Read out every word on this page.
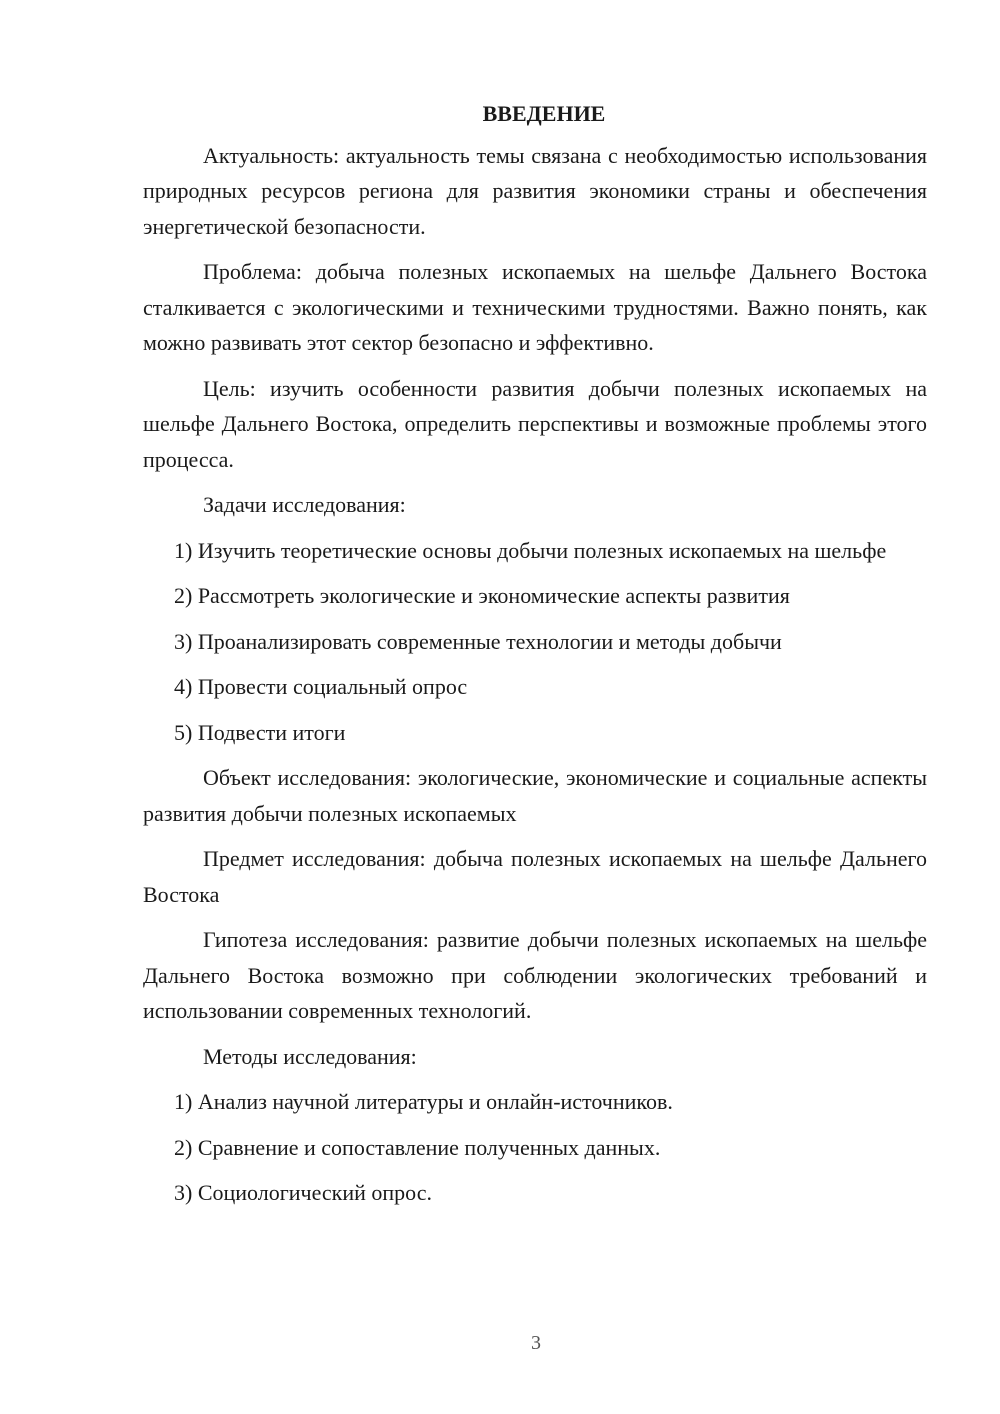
ВВЕДЕНИЕ

Актуальность: актуальность темы связана с необходимостью использования природных ресурсов региона для развития экономики страны и обеспечения энергетической безопасности.

Проблема: добыча полезных ископаемых на шельфе Дальнего Востока сталкивается с экологическими и техническими трудностями. Важно понять, как можно развивать этот сектор безопасно и эффективно.

Цель: изучить особенности развития добычи полезных ископаемых на шельфе Дальнего Востока, определить перспективы и возможные проблемы этого процесса.

Задачи исследования:

1) Изучить теоретические основы добычи полезных ископаемых на шельфе

2) Рассмотреть экологические и экономические аспекты развития

3) Проанализировать современные технологии и методы добычи

4) Провести социальный опрос

5) Подвести итоги

Объект исследования: экологические, экономические и социальные аспекты развития добычи полезных ископаемых

Предмет исследования: добыча полезных ископаемых на шельфе Дальнего Востока

Гипотеза исследования: развитие добычи полезных ископаемых на шельфе Дальнего Востока возможно при соблюдении экологических требований и использовании современных технологий.

Методы исследования:

1) Анализ научной литературы и онлайн-источников.

2) Сравнение и сопоставление полученных данных.

3) Социологический опрос.

3
